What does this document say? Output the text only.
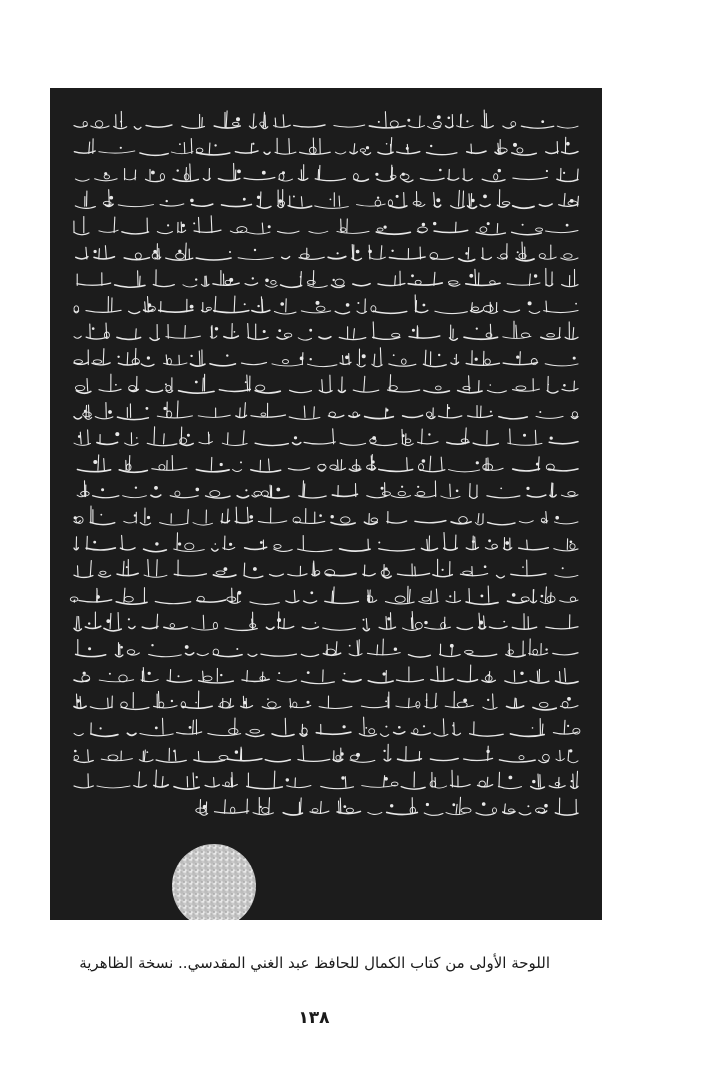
اللوحة الأولى من كتاب الكمال للحافظ عبد الغني المقدسي.. نسخة الظاهرية
١٣٨
